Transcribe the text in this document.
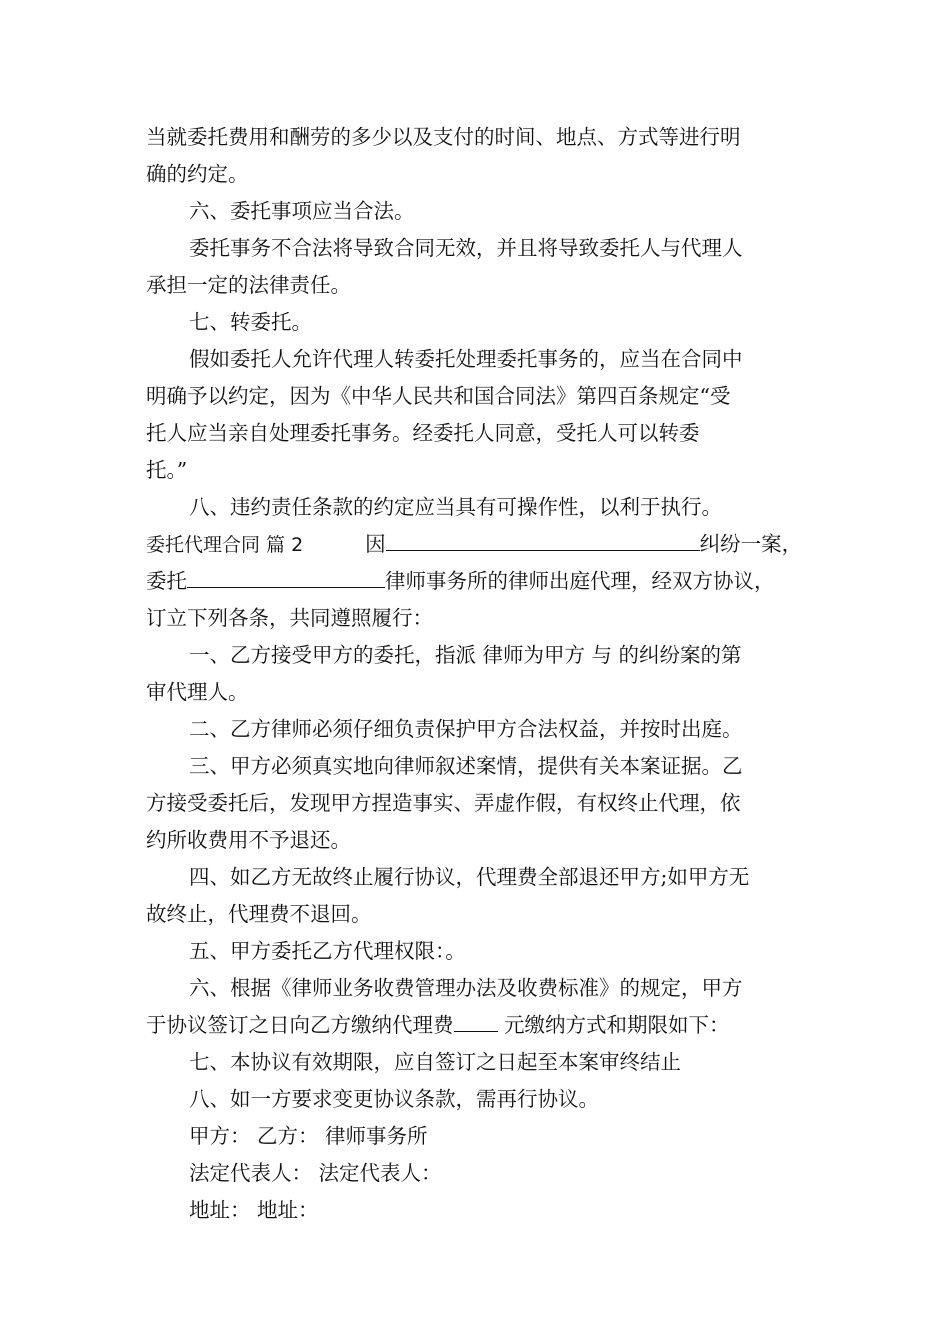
当就委托费用和酬劳的多少以及支付的时间、地点、方式等进行明
确的约定。
六、委托事项应当合法。
委托事务不合法将导致合同无效，并且将导致委托人与代理人
承担一定的法律责任。
七、转委托。
假如委托人允许代理人转委托处理委托事务的，应当在合同中
明确予以约定，因为《中华人民共和国合同法》第四百条规定“受
托人应当亲自处理委托事务。经委托人同意，受托人可以转委
托。”
八、违约责任条款的约定应当具有可操作性，以利于执行。
委托代理合同 篇 2	因	纠纷一案，
委托	律师事务所的律师出庭代理，经双方协议，
订立下列各条，共同遵照履行：
一、乙方接受甲方的委托，指派 律师为甲方 与 的纠纷案的第
审代理人。
二、乙方律师必须仔细负责保护甲方合法权益，并按时出庭。
三、甲方必须真实地向律师叙述案情，提供有关本案证据。乙
方接受委托后，发现甲方捏造事实、弄虚作假，有权终止代理，依
约所收费用不予退还。
四、如乙方无故终止履行协议，代理费全部退还甲方;如甲方无
故终止，代理费不退回。
五、甲方委托乙方代理权限：。
六、根据《律师业务收费管理办法及收费标准》的规定，甲方
于协议签订之日向乙方缴纳代理费 元缴纳方式和期限如下：
七、本协议有效期限，应自签订之日起至本案审终结止
八、如一方要求变更协议条款，需再行协议。
甲方： 乙方： 律师事务所
法定代表人： 法定代表人：
地址： 地址：
